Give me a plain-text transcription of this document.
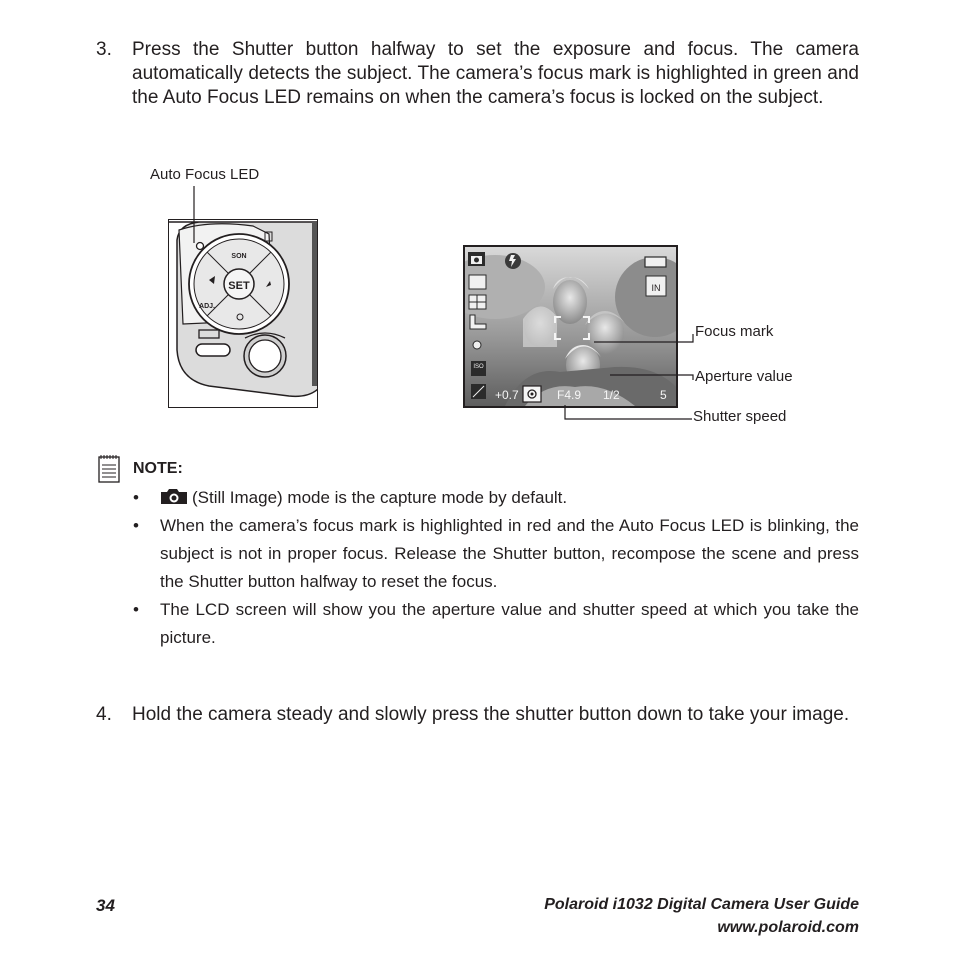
3. Press the Shutter button halfway to set the exposure and focus. The camera automatically detects the subject. The camera’s focus mark is highlighted in green and the Auto Focus LED remains on when the camera’s focus is locked on the subject.
Auto Focus LED
Focus mark
Aperture value
Shutter speed
SET
SON
ADJ.
ISO
IN
+0.7	F4.9 1/2	5
NOTE:
•	(Still Image) mode is the capture mode by default.
• When the camera’s focus mark is highlighted in red and the Auto Focus LED is blinking, the subject is not in proper focus. Release the Shutter button, recompose the scene and press the Shutter button halfway to reset the focus.
• The LCD screen will show you the aperture value and shutter speed at which you take the picture.
4. Hold the camera steady and slowly press the shutter button down to take your image.
34	Polaroid i1032 Digital Camera User Guide
www.polaroid.com
